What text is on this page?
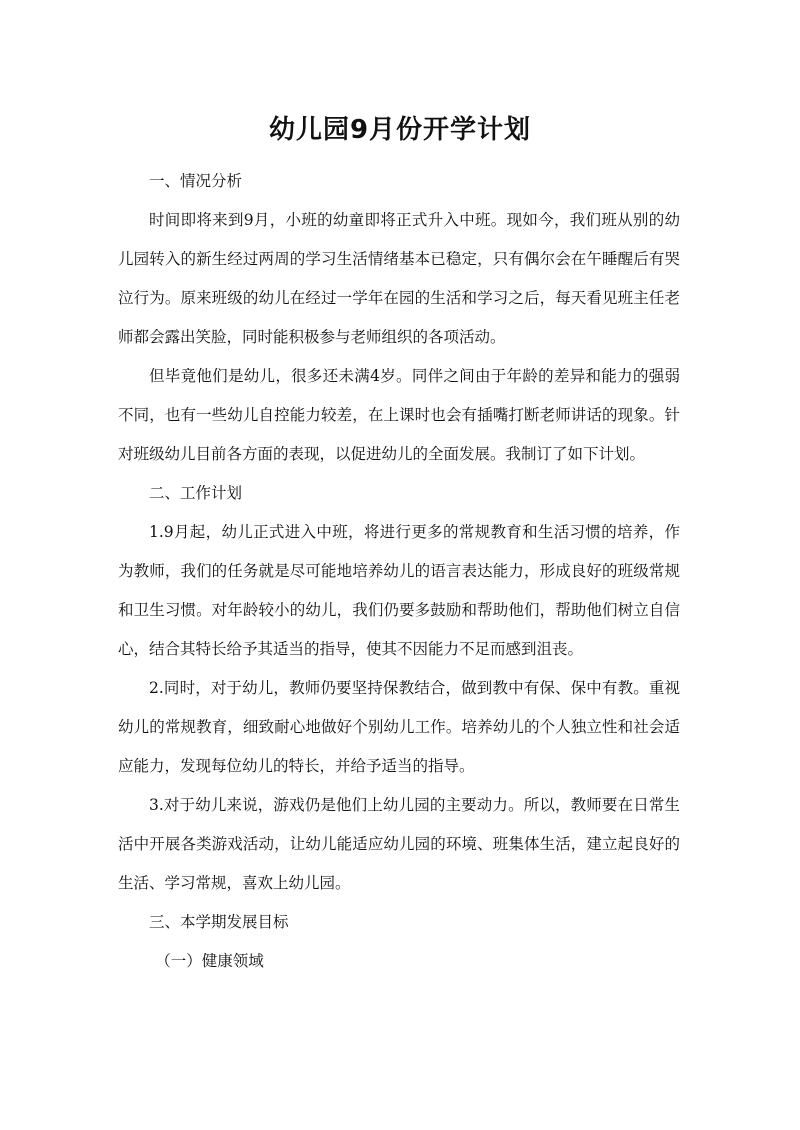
幼儿园9月份开学计划

一、情况分析

时间即将来到9月，小班的幼童即将正式升入中班。现如今，我们班从别的幼儿园转入的新生经过两周的学习生活情绪基本已稳定，只有偶尔会在午睡醒后有哭泣行为。原来班级的幼儿在经过一学年在园的生活和学习之后，每天看见班主任老师都会露出笑脸，同时能积极参与老师组织的各项活动。

但毕竟他们是幼儿，很多还未满4岁。同伴之间由于年龄的差异和能力的强弱不同，也有一些幼儿自控能力较差，在上课时也会有插嘴打断老师讲话的现象。针对班级幼儿目前各方面的表现，以促进幼儿的全面发展。我制订了如下计划。

二、工作计划

1.9月起，幼儿正式进入中班，将进行更多的常规教育和生活习惯的培养，作为教师，我们的任务就是尽可能地培养幼儿的语言表达能力，形成良好的班级常规和卫生习惯。对年龄较小的幼儿，我们仍要多鼓励和帮助他们，帮助他们树立自信心，结合其特长给予其适当的指导，使其不因能力不足而感到沮丧。

2.同时，对于幼儿，教师仍要坚持保教结合，做到教中有保、保中有教。重视幼儿的常规教育，细致耐心地做好个别幼儿工作。培养幼儿的个人独立性和社会适应能力，发现每位幼儿的特长，并给予适当的指导。

3.对于幼儿来说，游戏仍是他们上幼儿园的主要动力。所以，教师要在日常生活中开展各类游戏活动，让幼儿能适应幼儿园的环境、班集体生活，建立起良好的生活、学习常规，喜欢上幼儿园。

三、本学期发展目标

（一）健康领域
